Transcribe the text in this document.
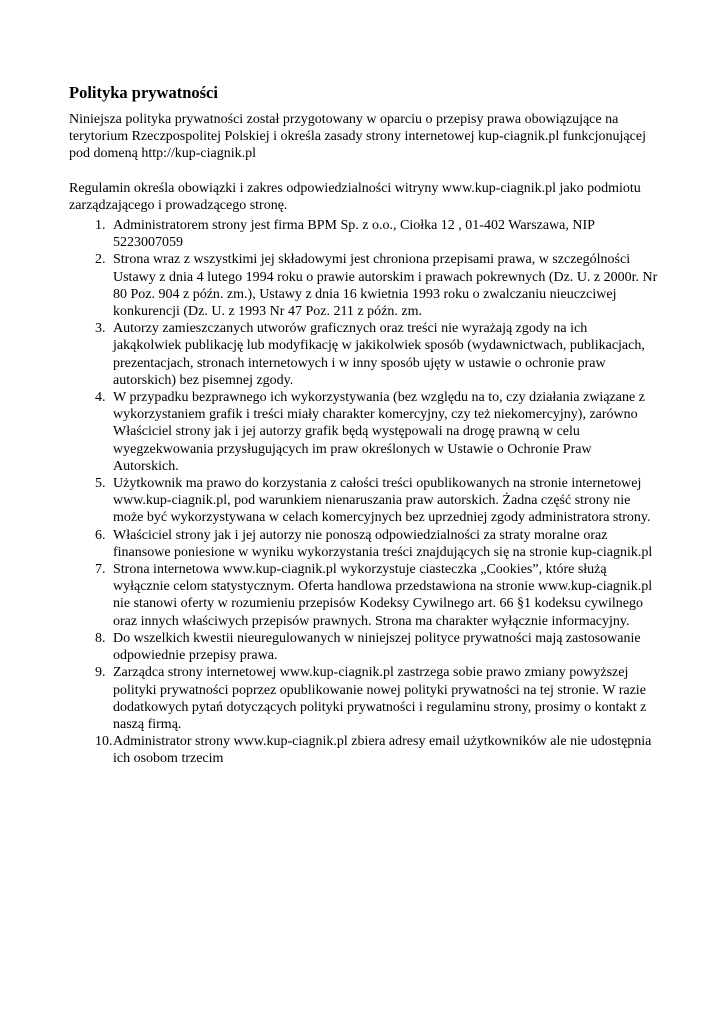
Polityka prywatności

Niniejsza polityka prywatności został przygotowany w oparciu o przepisy prawa obowiązujące na terytorium Rzeczpospolitej Polskiej i określa zasady strony internetowej kup-ciagnik.pl funkcjonującej pod domeną http://kup-ciagnik.pl

Regulamin określa obowiązki i zakres odpowiedzialności witryny www.kup-ciagnik.pl jako podmiotu zarządzającego i prowadzącego stronę.

1. Administratorem strony jest firma BPM Sp. z o.o., Ciołka 12 , 01-402 Warszawa, NIP 5223007059
2. Strona wraz z wszystkimi jej składowymi jest chroniona przepisami prawa, w szczególności Ustawy z dnia 4 lutego 1994 roku o prawie autorskim i prawach pokrewnych (Dz. U. z 2000r. Nr 80 Poz. 904 z późn. zm.), Ustawy z dnia 16 kwietnia 1993 roku o zwalczaniu nieuczciwej konkurencji (Dz. U. z 1993 Nr 47 Poz. 211 z późn. zm.
3. Autorzy zamieszczanych utworów graficznych oraz treści nie wyrażają zgody na ich jakąkolwiek publikację lub modyfikację w jakikolwiek sposób (wydawnictwach, publikacjach, prezentacjach, stronach internetowych i w inny sposób ujęty w ustawie o ochronie praw autorskich) bez pisemnej zgody.
4. W przypadku bezprawnego ich wykorzystywania (bez względu na to, czy działania związane z wykorzystaniem grafik i treści miały charakter komercyjny, czy też niekomercyjny), zarówno Właściciel strony jak i jej autorzy grafik będą występowali na drogę prawną w celu wyegzekwowania przysługujących im praw określonych w Ustawie o Ochronie Praw Autorskich.
5. Użytkownik ma prawo do korzystania z całości treści opublikowanych na stronie internetowej www.kup-ciagnik.pl, pod warunkiem nienaruszania praw autorskich. Żadna część strony nie może być wykorzystywana w celach komercyjnych bez uprzedniej zgody administratora strony.
6. Właściciel strony jak i jej autorzy nie ponoszą odpowiedzialności za straty moralne oraz finansowe poniesione w wyniku wykorzystania treści znajdujących się na stronie kup-ciagnik.pl
7. Strona internetowa www.kup-ciagnik.pl wykorzystuje ciasteczka „Cookies”, które służą wyłącznie celom statystycznym. Oferta handlowa przedstawiona na stronie www.kup-ciagnik.pl nie stanowi oferty w rozumieniu przepisów Kodeksy Cywilnego art. 66 §1 kodeksu cywilnego oraz innych właściwych przepisów prawnych. Strona ma charakter wyłącznie informacyjny.
8. Do wszelkich kwestii nieuregulowanych w niniejszej polityce prywatności mają zastosowanie odpowiednie przepisy prawa.
9. Zarządca strony internetowej www.kup-ciagnik.pl zastrzega sobie prawo zmiany powyższej polityki prywatności poprzez opublikowanie nowej polityki prywatności na tej stronie. W razie dodatkowych pytań dotyczących polityki prywatności i regulaminu strony, prosimy o kontakt z naszą firmą.
10. Administrator strony www.kup-ciagnik.pl zbiera adresy email użytkowników ale nie udostępnia ich osobom trzecim
